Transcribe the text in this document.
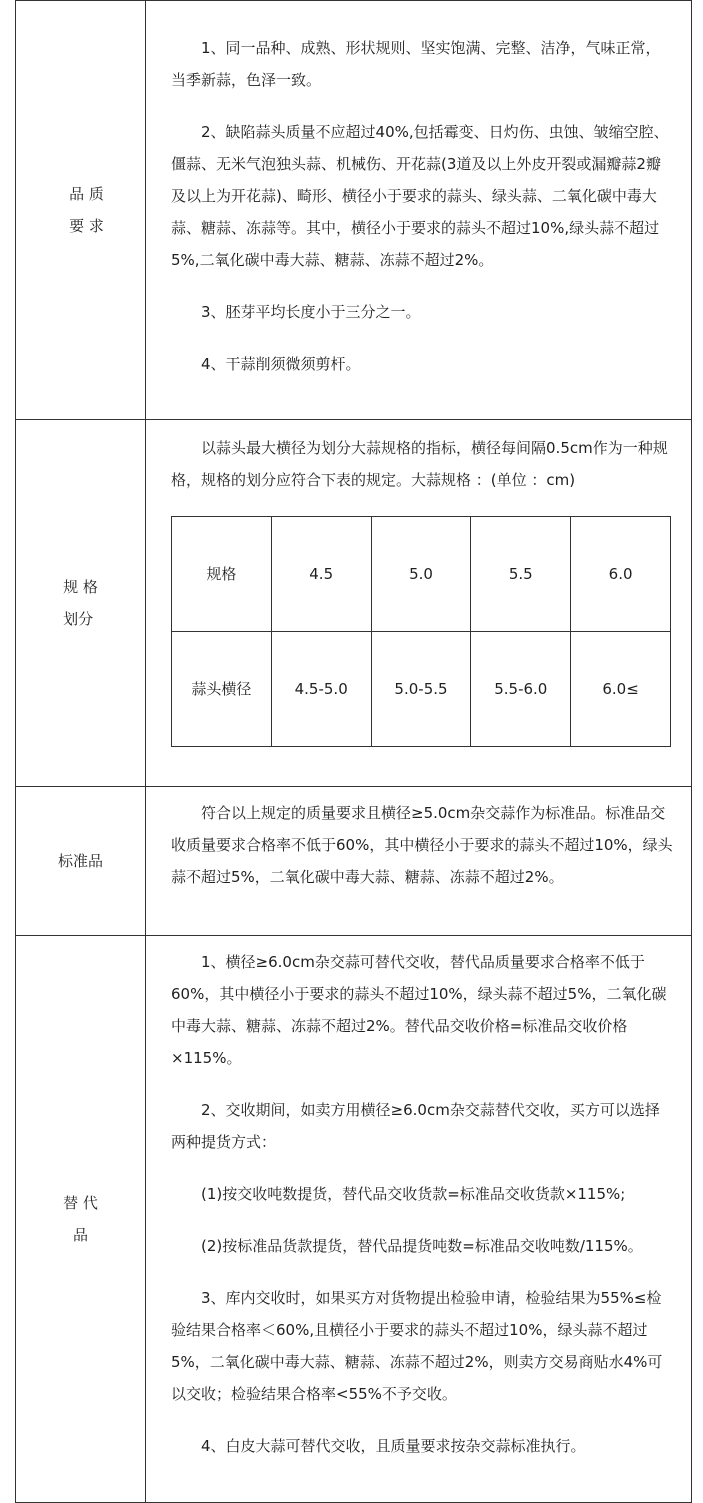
品 质
要 求

1、同一品种、成熟、形状规则、坚实饱满、完整、洁净，气味正常，当季新蒜，色泽一致。

2、缺陷蒜头质量不应超过40%,包括霉变、日灼伤、虫蚀、皱缩空腔、僵蒜、无米气泡独头蒜、机械伤、开花蒜(3道及以上外皮开裂或漏瓣蒜2瓣及以上为开花蒜)、畸形、横径小于要求的蒜头、绿头蒜、二氧化碳中毒大蒜、糖蒜、冻蒜等。其中，横径小于要求的蒜头不超过10%,绿头蒜不超过5%,二氧化碳中毒大蒜、糖蒜、冻蒜不超过2%。

3、胚芽平均长度小于三分之一。

4、干蒜削须微须剪杆。

规 格
划分

以蒜头最大横径为划分大蒜规格的指标，横径每间隔0.5cm作为一种规格，规格的划分应符合下表的规定。大蒜规格 ：(单位 ：cm)

规格	4.5	5.0	5.5	6.0
蒜头横径	4.5-5.0	5.0-5.5	5.5-6.0	6.0≤

标准品

符合以上规定的质量要求且横径≥5.0cm杂交蒜作为标准品。标准品交收质量要求合格率不低于60%，其中横径小于要求的蒜头不超过10%，绿头蒜不超过5%，二氧化碳中毒大蒜、糖蒜、冻蒜不超过2%。

替 代
品

1、横径≥6.0cm杂交蒜可替代交收，替代品质量要求合格率不低于60%，其中横径小于要求的蒜头不超过10%，绿头蒜不超过5%，二氧化碳中毒大蒜、糖蒜、冻蒜不超过2%。替代品交收价格=标准品交收价格×115%。

2、交收期间，如卖方用横径≥6.0cm杂交蒜替代交收，买方可以选择两种提货方式：

(1)按交收吨数提货，替代品交收货款=标准品交收货款×115%;

(2)按标准品货款提货，替代品提货吨数=标准品交收吨数/115%。

3、库内交收时，如果买方对货物提出检验申请，检验结果为55%≤检验结果合格率＜60%,且横径小于要求的蒜头不超过10%，绿头蒜不超过5%，二氧化碳中毒大蒜、糖蒜、冻蒜不超过2%，则卖方交易商贴水4%可以交收；检验结果合格率<55%不予交收。

4、白皮大蒜可替代交收，且质量要求按杂交蒜标准执行。
